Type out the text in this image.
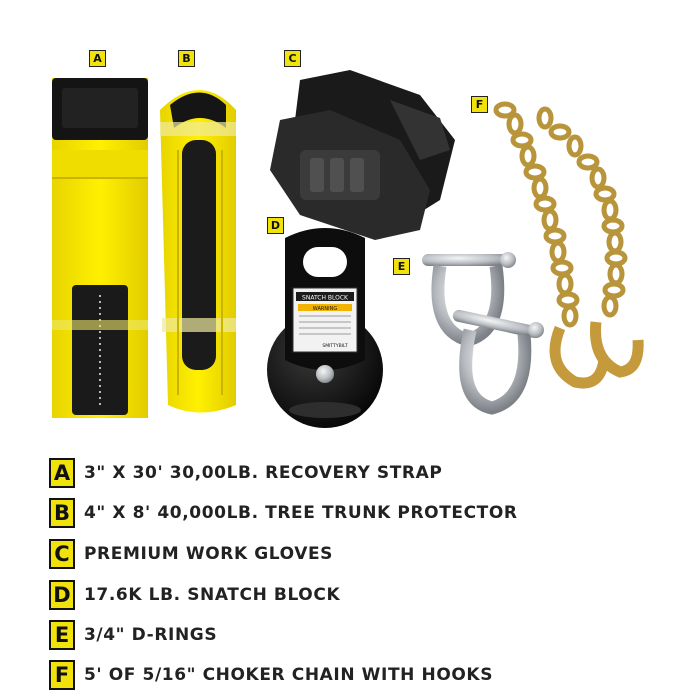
SNATCH BLOCK
WARNING
SMITTYBILT
A	B	C
D
E
F
A 3" X 30' 30,00LB. RECOVERY STRAP
B 4" X 8' 40,000LB. TREE TRUNK PROTECTOR
C PREMIUM WORK GLOVES
D 17.6K LB. SNATCH BLOCK
E 3/4" D-RINGS
F 5' OF 5/16" CHOKER CHAIN WITH HOOKS
